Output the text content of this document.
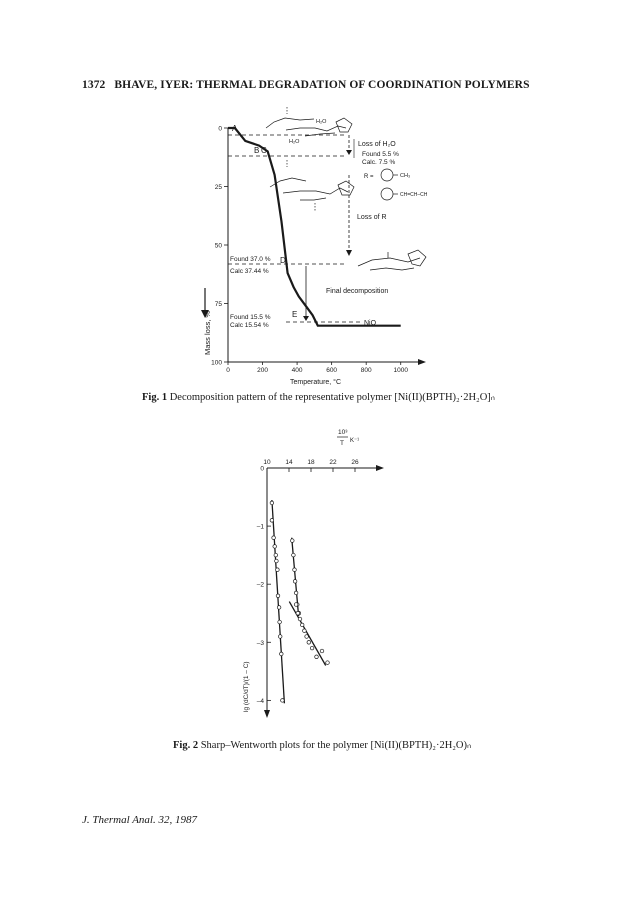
1372 BHAVE, IYER: THERMAL DEGRADATION OF COORDINATION POLYMERS
Mass loss, %
0	200	400	600	800	1000
0
25
50
75
100
A
B C
D
E
H₂O
H₂O
R =	CH₃
CH=CH–CH
Loss of H₂O
Found 5.5 %
Calc. 7.5 %
Loss of R
Final decomposition
NiO
Found 37.0 %
Calc 37.44 %
Found 15.5 %
Calc 15.54 %
Temperature, °C
Fig. 1 Decomposition pattern of the representative polymer [Ni(II)(BPTH)₂·2H₂O]ₙ
10³
T K⁻¹
10 14 18 22 26
0
–1
–2
–3
–4
lg (dC/dT)/(1 – C)
Fig. 2 Sharp–Wentworth plots for the polymer [Ni(II)(BPTH)₂·2H₂O)ₙ
J. Thermal Anal. 32, 1987
